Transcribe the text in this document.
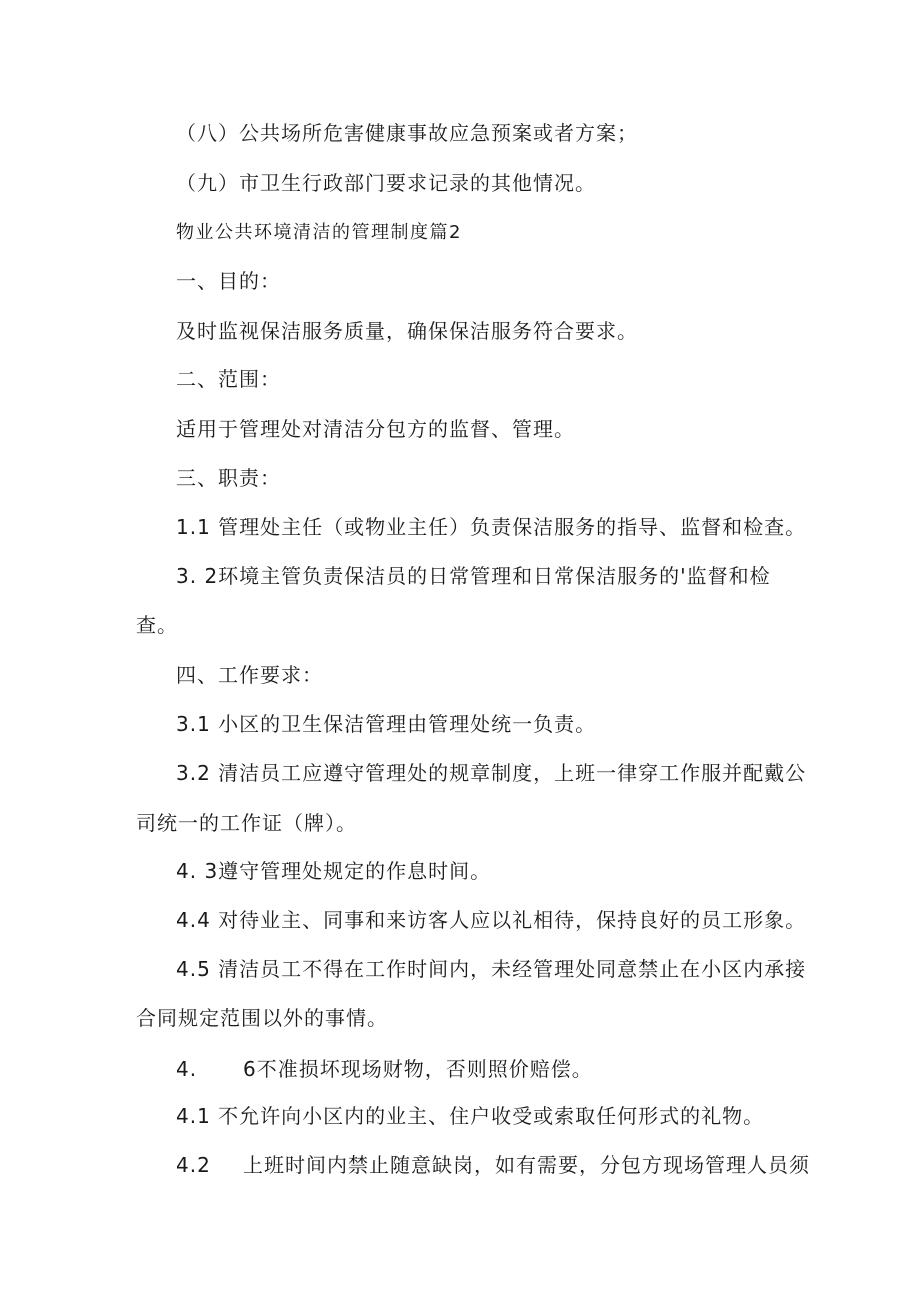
（八）公共场所危害健康事故应急预案或者方案；
（九）市卫生行政部门要求记录的其他情况。
物业公共环境清洁的管理制度篇2
一、目的：
及时监视保洁服务质量，确保保洁服务符合要求。
二、范围：
适用于管理处对清洁分包方的监督、管理。
三、职责：
1.1 管理处主任（或物业主任）负责保洁服务的指导、监督和检查。
3. 2环境主管负责保洁员的日常管理和日常保洁服务的'监督和检
查。
四、工作要求：
3.1 小区的卫生保洁管理由管理处统一负责。
3.2 清洁员工应遵守管理处的规章制度，上班一律穿工作服并配戴公
司统一的工作证（牌）。
4. 3遵守管理处规定的作息时间。
4.4 对待业主、同事和来访客人应以礼相待，保持良好的员工形象。
4.5 清洁员工不得在工作时间内，未经管理处同意禁止在小区内承接
合同规定范围以外的事情。
4. 6不准损坏现场财物，否则照价赔偿。
4.1 不允许向小区内的业主、住户收受或索取任何形式的礼物。
4.2 上班时间内禁止随意缺岗，如有需要，分包方现场管理人员须
